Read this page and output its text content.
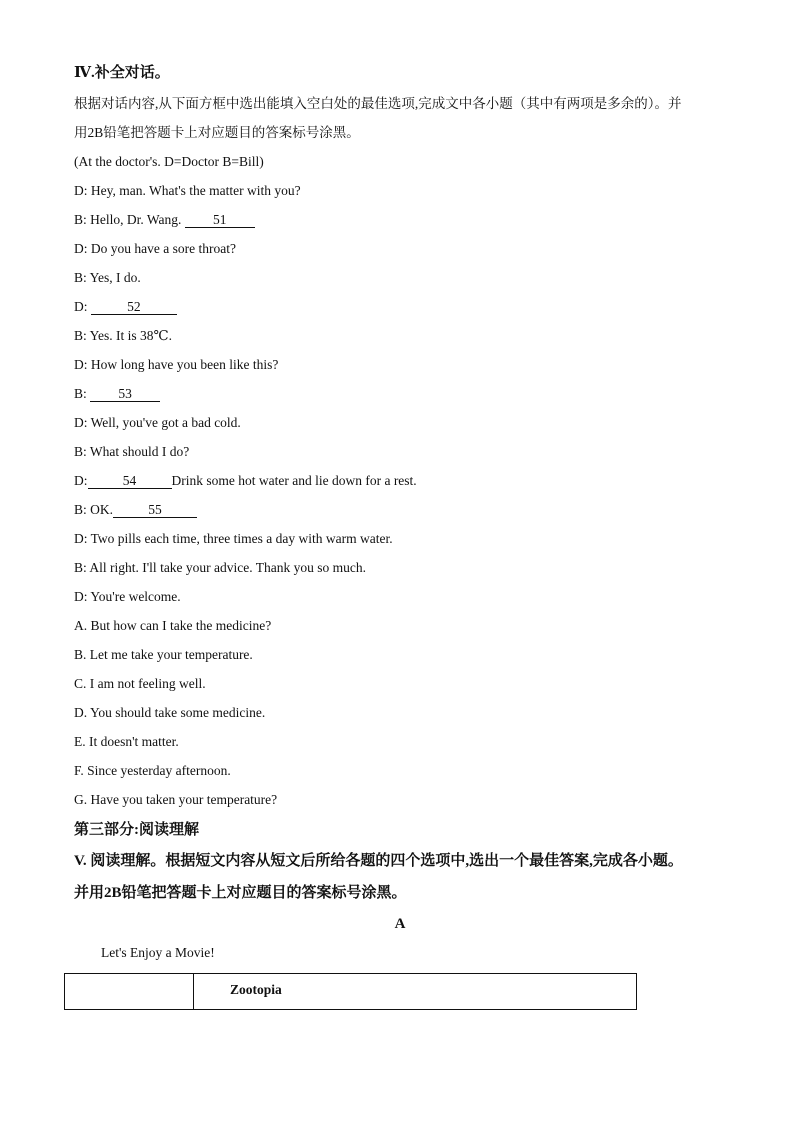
Ⅳ.补全对话。
根据对话内容,从下面方框中选出能填入空白处的最佳选项,完成文中各小题（其中有两项是多余的）。并
用2B铅笔把答题卡上对应题目的答案标号涂黑。
(At the doctor's. D=Doctor B=Bill)
D: Hey, man. What's the matter with you?
B: Hello, Dr. Wang. 51
D: Do you have a sore throat?
B: Yes, I do.
D:	52
B: Yes. It is 38℃.
D: How long have you been like this?
B: 53
D: Well, you've got a bad cold.
B: What should I do?
D:	54	Drink some hot water and lie down for a rest.
B: OK.	55
D: Two pills each time, three times a day with warm water.
B: All right. I'll take your advice. Thank you so much.
D: You're welcome.
A. But how can I take the medicine?
B. Let me take your temperature.
C. I am not feeling well.
D. You should take some medicine.
E. It doesn't matter.
F. Since yesterday afternoon.
G. Have you taken your temperature?
第三部分:阅读理解
V. 阅读理解。根据短文内容从短文后所给各题的四个选项中,选出一个最佳答案,完成各小题。
并用2B铅笔把答题卡上对应题目的答案标号涂黑。
A
Let's Enjoy a Movie!
	Zootopia
